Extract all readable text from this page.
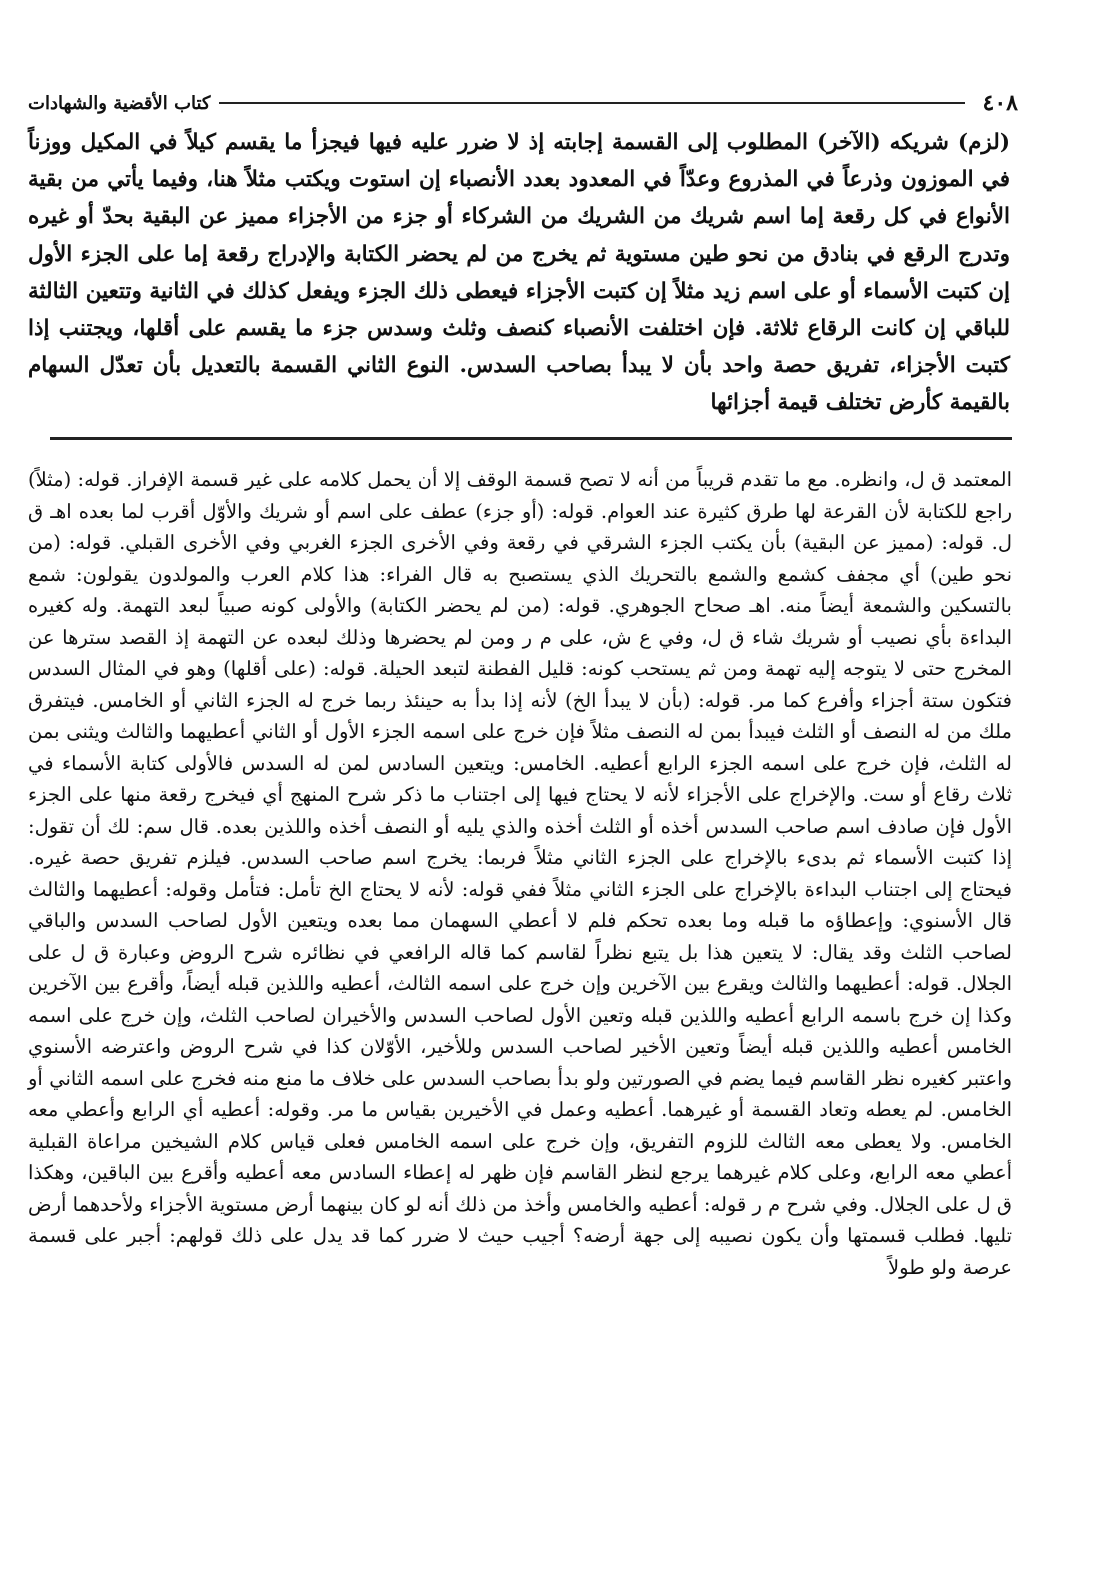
٤٠٨
كتاب الأقضية والشهادات

(لزم) شريكه (الآخر) المطلوب إلى القسمة إجابته إذ لا ضرر عليه فيها فيجزأ ما يقسم كيلاً في المكيل ووزناً في الموزون وذرعاً في المذروع وعدّاً في المعدود بعدد الأنصباء إن استوت ويكتب مثلاً هنا، وفيما يأتي من بقية الأنواع في كل رقعة إما اسم شريك من الشريك من الشركاء أو جزء من الأجزاء مميز عن البقية بحدّ أو غيره وتدرج الرقع في بنادق من نحو طين مستوية ثم يخرج من لم يحضر الكتابة والإدراج رقعة إما على الجزء الأول إن كتبت الأسماء أو على اسم زيد مثلاً إن كتبت الأجزاء فيعطى ذلك الجزء ويفعل كذلك في الثانية وتتعين الثالثة للباقي إن كانت الرقاع ثلاثة. فإن اختلفت الأنصباء كنصف وثلث وسدس جزء ما يقسم على أقلها، ويجتنب إذا كتبت الأجزاء، تفريق حصة واحد بأن لا يبدأ بصاحب السدس. النوع الثاني القسمة بالتعديل بأن تعدّل السهام بالقيمة كأرض تختلف قيمة أجزائها

المعتمد ق ل، وانظره. مع ما تقدم قريباً من أنه لا تصح قسمة الوقف إلا أن يحمل كلامه على غير قسمة الإفراز. قوله: (مثلاً) راجع للكتابة لأن القرعة لها طرق كثيرة عند العوام. قوله: (أو جزء) عطف على اسم أو شريك والأوّل أقرب لما بعده اهـ ق ل. قوله: (مميز عن البقية) بأن يكتب الجزء الشرقي في رقعة وفي الأخرى الجزء الغربي وفي الأخرى القبلي. قوله: (من نحو طين) أي مجفف كشمع والشمع بالتحريك الذي يستصبح به قال الفراء: هذا كلام العرب والمولدون يقولون: شمع بالتسكين والشمعة أيضاً منه. اهـ صحاح الجوهري. قوله: (من لم يحضر الكتابة) والأولى كونه صبياً لبعد التهمة. وله كغيره البداءة بأي نصيب أو شريك شاء ق ل، وفي ع ش، على م ر ومن لم يحضرها وذلك لبعده عن التهمة إذ القصد سترها عن المخرج حتى لا يتوجه إليه تهمة ومن ثم يستحب كونه: قليل الفطنة لتبعد الحيلة. قوله: (على أقلها) وهو في المثال السدس فتكون ستة أجزاء وأفرع كما مر. قوله: (بأن لا يبدأ الخ) لأنه إذا بدأ به حينئذ ربما خرج له الجزء الثاني أو الخامس. فيتفرق ملك من له النصف أو الثلث فيبدأ بمن له النصف مثلاً فإن خرج على اسمه الجزء الأول أو الثاني أعطيهما والثالث ويثنى بمن له الثلث، فإن خرج على اسمه الجزء الرابع أعطيه. الخامس: ويتعين السادس لمن له السدس فالأولى كتابة الأسماء في ثلاث رقاع أو ست. والإخراج على الأجزاء لأنه لا يحتاج فيها إلى اجتناب ما ذكر شرح المنهج أي فيخرج رقعة منها على الجزء الأول فإن صادف اسم صاحب السدس أخذه أو الثلث أخذه والذي يليه أو النصف أخذه واللذين بعده. قال سم: لك أن تقول: إذا كتبت الأسماء ثم بدىء بالإخراج على الجزء الثاني مثلاً فربما: يخرج اسم صاحب السدس. فيلزم تفريق حصة غيره. فيحتاج إلى اجتناب البداءة بالإخراج على الجزء الثاني مثلاً ففي قوله: لأنه لا يحتاج الخ تأمل: فتأمل وقوله: أعطيهما والثالث قال الأسنوي: وإعطاؤه ما قبله وما بعده تحكم فلم لا أعطي السهمان مما بعده ويتعين الأول لصاحب السدس والباقي لصاحب الثلث وقد يقال: لا يتعين هذا بل يتبع نظراً لقاسم كما قاله الرافعي في نظائره شرح الروض وعبارة ق ل على الجلال. قوله: أعطيهما والثالث ويقرع بين الآخرين وإن خرج على اسمه الثالث، أعطيه واللذين قبله أيضاً، وأقرع بين الآخرين وكذا إن خرج باسمه الرابع أعطيه واللذين قبله وتعين الأول لصاحب السدس والأخيران لصاحب الثلث، وإن خرج على اسمه الخامس أعطيه واللذين قبله أيضاً وتعين الأخير لصاحب السدس وللأخير، الأوّلان كذا في شرح الروض واعترضه الأسنوي واعتبر كغيره نظر القاسم فيما يضم في الصورتين ولو بدأ بصاحب السدس على خلاف ما منع منه فخرج على اسمه الثاني أو الخامس. لم يعطه وتعاد القسمة أو غيرهما. أعطيه وعمل في الأخيرين بقياس ما مر. وقوله: أعطيه أي الرابع وأعطي معه الخامس. ولا يعطى معه الثالث للزوم التفريق، وإن خرج على اسمه الخامس فعلى قياس كلام الشيخين مراعاة القبلية أعطي معه الرابع، وعلى كلام غيرهما يرجع لنظر القاسم فإن ظهر له إعطاء السادس معه أعطيه وأقرع بين الباقين، وهكذا ق ل على الجلال. وفي شرح م ر قوله: أعطيه والخامس وأخذ من ذلك أنه لو كان بينهما أرض مستوية الأجزاء ولأحدهما أرض تليها. فطلب قسمتها وأن يكون نصيبه إلى جهة أرضه؟ أجيب حيث لا ضرر كما قد يدل على ذلك قولهم: أجبر على قسمة عرصة ولو طولاً
